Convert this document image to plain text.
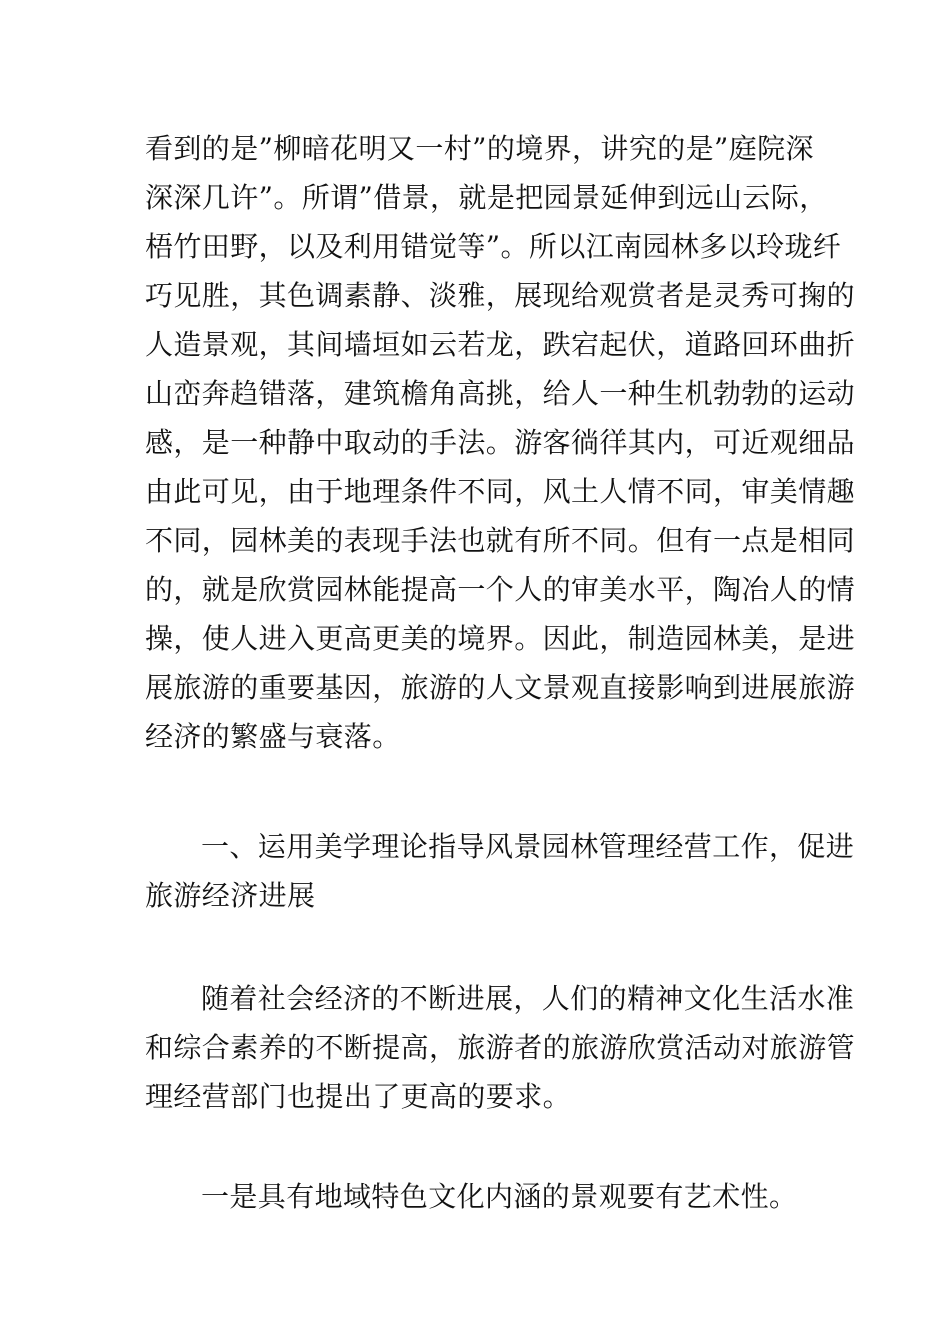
看到的是”柳暗花明又一村”的境界，讲究的是”庭院深
深深几许”。所谓”借景，就是把园景延伸到远山云际，
梧竹田野，以及利用错觉等”。所以江南园林多以玲珑纤
巧见胜，其色调素静、淡雅，展现给观赏者是灵秀可掬的
人造景观，其间墙垣如云若龙，跌宕起伏，道路回环曲折
山峦奔趋错落，建筑檐角高挑，给人一种生机勃勃的运动
感，是一种静中取动的手法。游客徜徉其内，可近观细品
由此可见，由于地理条件不同，风土人情不同，审美情趣
不同，园林美的表现手法也就有所不同。但有一点是相同
的，就是欣赏园林能提高一个人的审美水平，陶冶人的情
操，使人进入更高更美的境界。因此，制造园林美，是进
展旅游的重要基因，旅游的人文景观直接影响到进展旅游
经济的繁盛与衰落。
一、运用美学理论指导风景园林管理经营工作，促进
旅游经济进展
随着社会经济的不断进展，人们的精神文化生活水准
和综合素养的不断提高，旅游者的旅游欣赏活动对旅游管
理经营部门也提出了更高的要求。
一是具有地域特色文化内涵的景观要有艺术性。
